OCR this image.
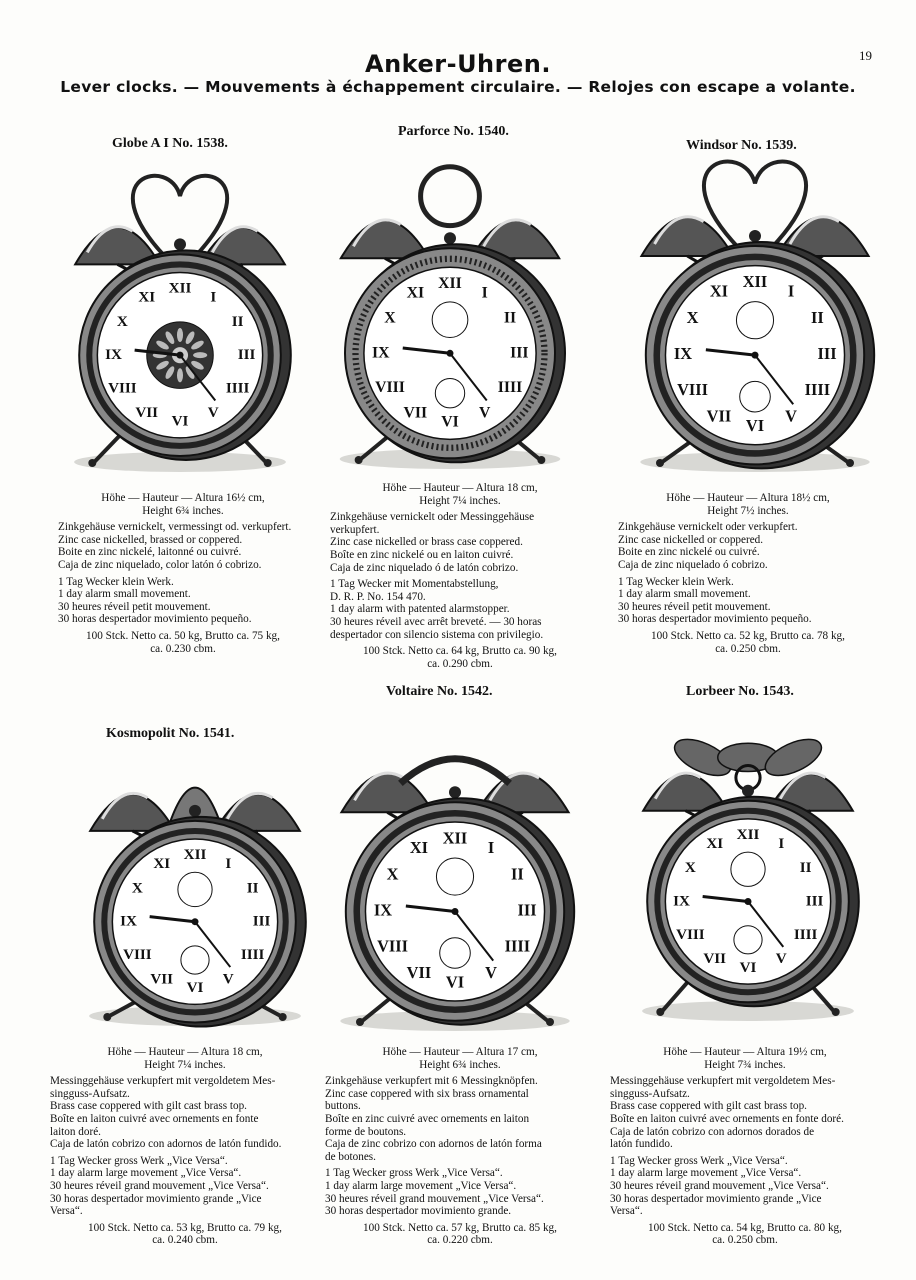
19
Anker-Uhren.
Lever clocks. — Mouvements à échappement circulaire. — Relojes con escape a volante.
Globe A I No. 1538.
XII
I
II
III
IIII
V
VI
VII
VIII
IX
X
XI
Höhe — Hauteur — Altura 16½ cm,
Height 6¾ inches.
Zinkgehäuse vernickelt, vermessingt od. verkupfert.
Zinc case nickelled, brassed or coppered.
Boite en zinc nickelé, laitonné ou cuivré.
Caja de zinc niquelado, color latón ó cobrizo.
1 Tag Wecker klein Werk.
1 day alarm small movement.
30 heures réveil petit mouvement.
30 horas despertador movimiento pequeño.
100 Stck. Netto ca. 50 kg, Brutto ca. 75 kg,
ca. 0.230 cbm.
Parforce No. 1540.
XII
I
II
III
IIII
V
VI
VII
VIII
IX
X
XI
Höhe — Hauteur — Altura 18 cm,
Height 7¼ inches.
Zinkgehäuse vernickelt oder Messinggehäuse
verkupfert.
Zinc case nickelled or brass case coppered.
Boîte en zinc nickelé ou en laiton cuivré.
Caja de zinc niquelado ó de latón cobrizo.
1 Tag Wecker mit Momentabstellung,
D. R. P. No. 154 470.
1 day alarm with patented alarmstopper.
30 heures réveil avec arrêt breveté. — 30 horas
despertador con silencio sistema con privilegio.
100 Stck. Netto ca. 64 kg, Brutto ca. 90 kg,
ca. 0.290 cbm.
Windsor No. 1539.
XII
I
II
III
IIII
V
VI
VII
VIII
IX
X
XI
Höhe — Hauteur — Altura 18½ cm,
Height 7½ inches.
Zinkgehäuse vernickelt oder verkupfert.
Zinc case nickelled or coppered.
Boite en zinc nickelé ou cuivré.
Caja de zinc niquelado ó cobrizo.
1 Tag Wecker klein Werk.
1 day alarm small movement.
30 heures réveil petit mouvement.
30 horas despertador movimiento pequeño.
100 Stck. Netto ca. 52 kg, Brutto ca. 78 kg,
ca. 0.250 cbm.
Kosmopolit No. 1541.
XII
I
II
III
IIII
V
VI
VII
VIII
IX
X
XI
Höhe — Hauteur — Altura 18 cm,
Height 7¼ inches.
Messinggehäuse verkupfert mit vergoldetem Mes-
singguss-Aufsatz.
Brass case coppered with gilt cast brass top.
Boîte en laiton cuivré avec ornements en fonte
laiton doré.
Caja de latón cobrizo con adornos de latón fundido.
1 Tag Wecker gross Werk „Vice Versa“.
1 day alarm large movement „Vice Versa“.
30 heures réveil grand mouvement „Vice Versa“.
30 horas despertador movimiento grande „Vice
Versa“.
100 Stck. Netto ca. 53 kg, Brutto ca. 79 kg,
ca. 0.240 cbm.
Voltaire No. 1542.
XII
I
II
III
IIII
V
VI
VII
VIII
IX
X
XI
Höhe — Hauteur — Altura 17 cm,
Height 6¾ inches.
Zinkgehäuse verkupfert mit 6 Messingknöpfen.
Zinc case coppered with six brass ornamental
buttons.
Boîte en zinc cuivré avec ornements en laiton
forme de boutons.
Caja de zinc cobrizo con adornos de latón forma
de botones.
1 Tag Wecker gross Werk „Vice Versa“.
1 day alarm large movement „Vice Versa“.
30 heures réveil grand mouvement „Vice Versa“.
30 horas despertador movimiento grande.
100 Stck. Netto ca. 57 kg, Brutto ca. 85 kg,
ca. 0.220 cbm.
Lorbeer No. 1543.
XII
I
II
III
IIII
V
VI
VII
VIII
IX
X
XI
Höhe — Hauteur — Altura 19½ cm,
Height 7¾ inches.
Messinggehäuse verkupfert mit vergoldetem Mes-
singguss-Aufsatz.
Brass case coppered with gilt cast brass top.
Boîte en laiton cuivré avec ornements en fonte doré.
Caja de latón cobrizo con adornos dorados de
latón fundido.
1 Tag Wecker gross Werk „Vice Versa“.
1 day alarm large movement „Vice Versa“.
30 heures réveil grand mouvement „Vice Versa“.
30 horas despertador movimiento grande „Vice
Versa“.
100 Stck. Netto ca. 54 kg, Brutto ca. 80 kg,
ca. 0.250 cbm.
